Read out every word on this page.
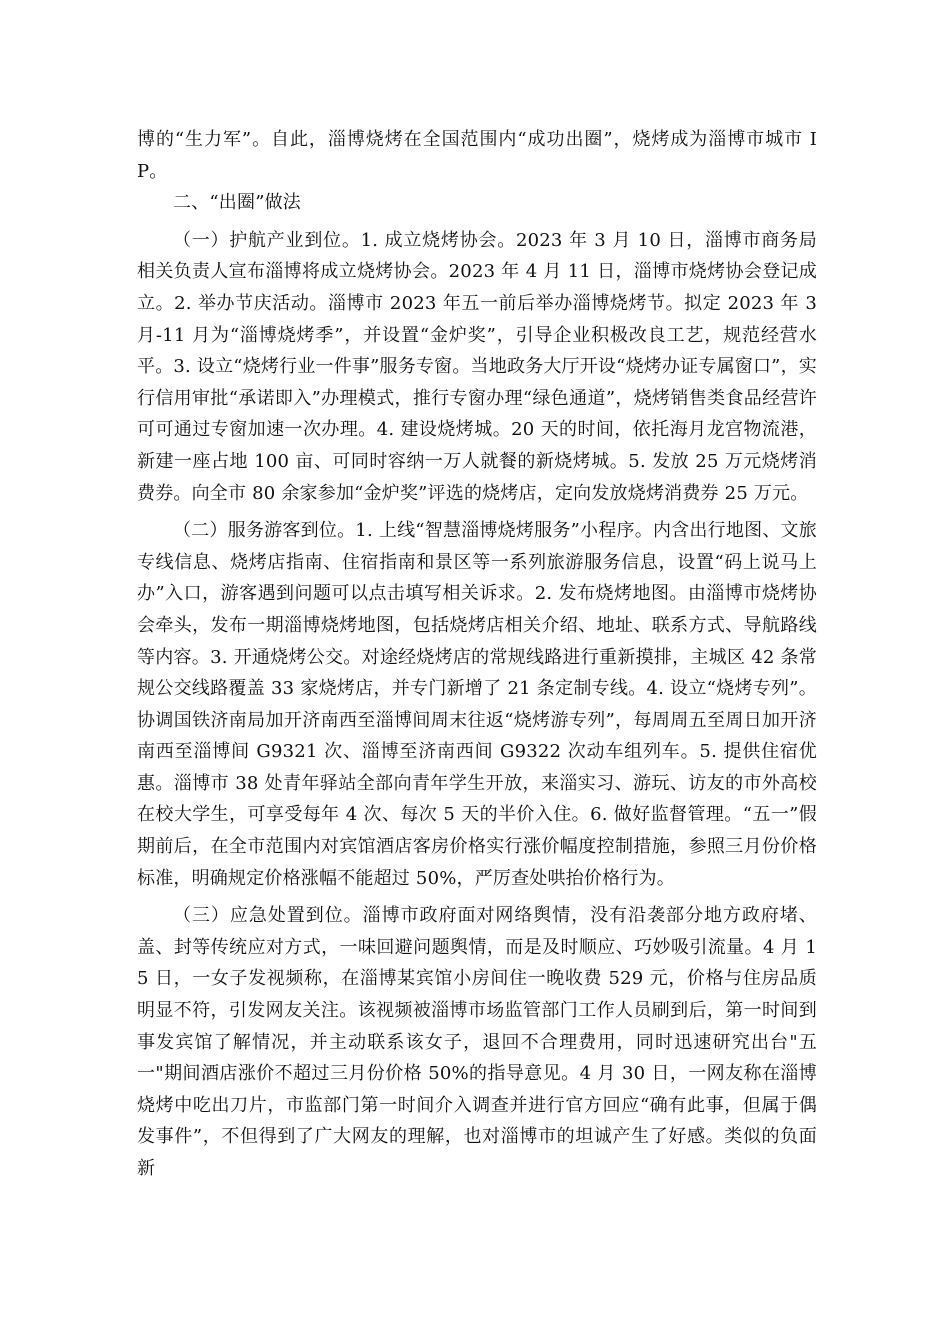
博的“生力军”。自此，淄博烧烤在全国范围内“成功出圈”，烧烤成为淄博市城市 IP。

二、“出圈”做法

（一）护航产业到位。1. 成立烧烤协会。2023 年 3 月 10 日，淄博市商务局相关负责人宣布淄博将成立烧烤协会。2023 年 4 月 11 日，淄博市烧烤协会登记成立。2. 举办节庆活动。淄博市 2023 年五一前后举办淄博烧烤节。拟定 2023 年 3 月-11 月为“淄博烧烤季”，并设置“金炉奖”，引导企业积极改良工艺，规范经营水平。3. 设立“烧烤行业一件事”服务专窗。当地政务大厅开设“烧烤办证专属窗口”，实行信用审批“承诺即入”办理模式，推行专窗办理“绿色通道”，烧烤销售类食品经营许可可通过专窗加速一次办理。4. 建设烧烤城。20 天的时间，依托海月龙宫物流港，新建一座占地 100 亩、可同时容纳一万人就餐的新烧烤城。5. 发放 25 万元烧烤消费券。向全市 80 余家参加“金炉奖”评选的烧烤店，定向发放烧烤消费券 25 万元。

（二）服务游客到位。1. 上线“智慧淄博烧烤服务”小程序。内含出行地图、文旅专线信息、烧烤店指南、住宿指南和景区等一系列旅游服务信息，设置“码上说马上办”入口，游客遇到问题可以点击填写相关诉求。2. 发布烧烤地图。由淄博市烧烤协会牵头，发布一期淄博烧烤地图，包括烧烤店相关介绍、地址、联系方式、导航路线等内容。3. 开通烧烤公交。对途经烧烤店的常规线路进行重新摸排，主城区 42 条常规公交线路覆盖 33 家烧烤店，并专门新增了 21 条定制专线。4. 设立“烧烤专列”。协调国铁济南局加开济南西至淄博间周末往返“烧烤游专列”，每周周五至周日加开济南西至淄博间 G9321 次、淄博至济南西间 G9322 次动车组列车。5. 提供住宿优惠。淄博市 38 处青年驿站全部向青年学生开放，来淄实习、游玩、访友的市外高校在校大学生，可享受每年 4 次、每次 5 天的半价入住。6. 做好监督管理。“五一”假期前后，在全市范围内对宾馆酒店客房价格实行涨价幅度控制措施，参照三月份价格标准，明确规定价格涨幅不能超过 50%，严厉查处哄抬价格行为。

（三）应急处置到位。淄博市政府面对网络舆情，没有沿袭部分地方政府堵、盖、封等传统应对方式，一味回避问题舆情，而是及时顺应、巧妙吸引流量。4 月 15 日，一女子发视频称，在淄博某宾馆小房间住一晚收费 529 元，价格与住房品质明显不符，引发网友关注。该视频被淄博市场监管部门工作人员刷到后，第一时间到事发宾馆了解情况，并主动联系该女子，退回不合理费用，同时迅速研究出台"五一"期间酒店涨价不超过三月份价格 50%的指导意见。4 月 30 日，一网友称在淄博烧烤中吃出刀片，市监部门第一时间介入调查并进行官方回应“确有此事，但属于偶发事件”，不但得到了广大网友的理解，也对淄博市的坦诚产生了好感。类似的负面新
